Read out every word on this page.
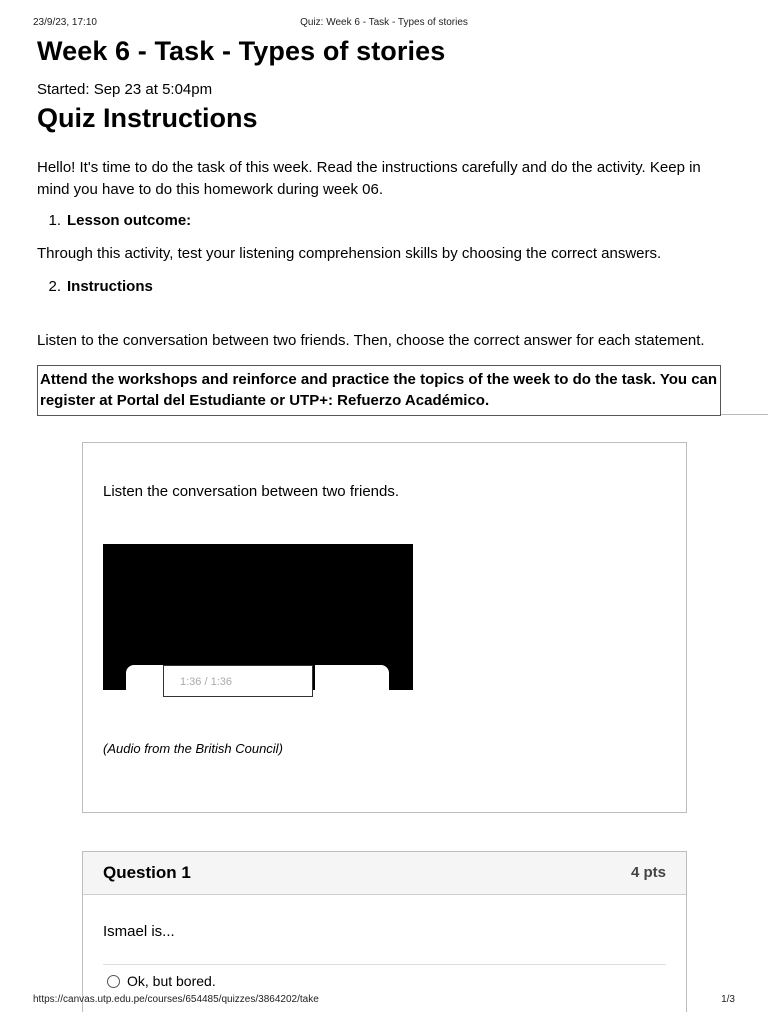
23/9/23, 17:10	Quiz: Week 6 - Task - Types of stories
Week 6 - Task - Types of stories
Started: Sep 23 at 5:04pm
Quiz Instructions
Hello! It's time to do the task of this week. Read the instructions carefully and do the activity. Keep in mind you have to do this homework during week 06.
1. Lesson outcome:
Through this activity, test your listening comprehension skills by choosing the correct answers.
2. Instructions
Listen to the conversation between two friends. Then, choose the correct answer for each statement.
Attend the workshops and reinforce and practice the topics of the week to do the task. You can register at Portal del Estudiante or UTP+: Refuerzo Académico.
Listen the conversation between two friends.
1:36 / 1:36
(Audio from the British Council)
Question 1	4 pts
Ismael is...
Ok, but bored.
https://canvas.utp.edu.pe/courses/654485/quizzes/3864202/take	1/3
